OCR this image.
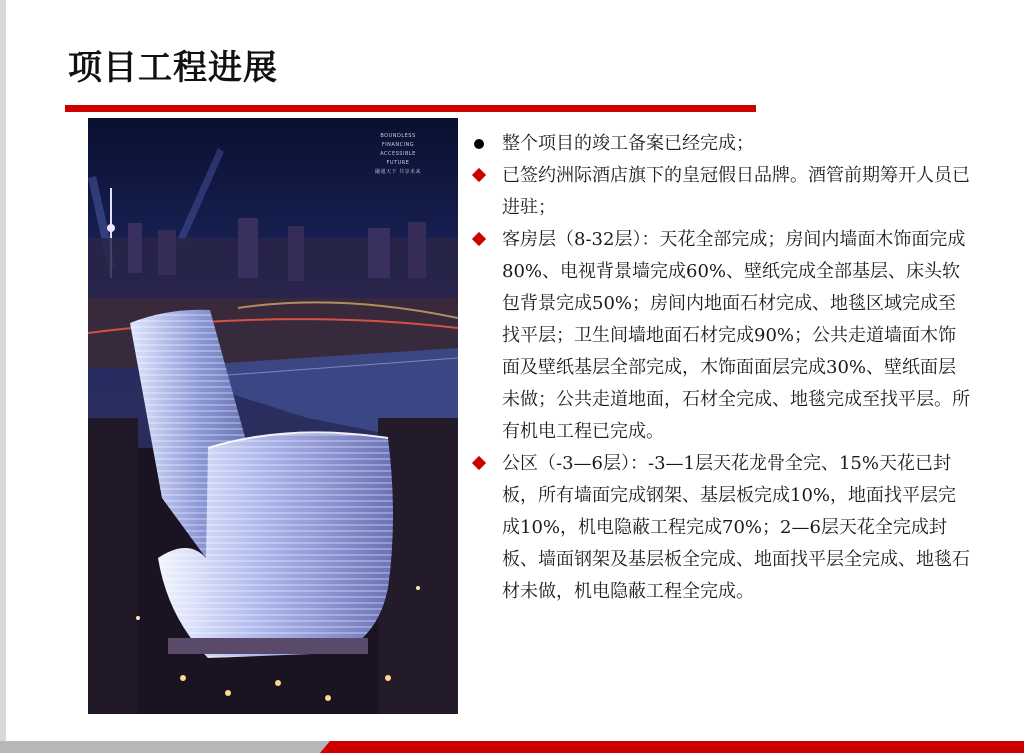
项目工程进展
BOUNDLESS
FINANCING
ACCESSIBLE
FUTURE
融通天下 共享未来
整个项目的竣工备案已经完成；
已签约洲际酒店旗下的皇冠假日品牌。酒管前期筹开人员已进驻；
客房层（8-32层）：天花全部完成；房间内墙面木饰面完成80%、电视背景墙完成60%、壁纸完成全部基层、床头软包背景完成50%；房间内地面石材完成、地毯区域完成至找平层；卫生间墙地面石材完成90%；公共走道墙面木饰面及壁纸基层全部完成，木饰面面层完成30%、壁纸面层未做；公共走道地面，石材全完成、地毯完成至找平层。所有机电工程已完成。
公区（-3—6层）：-3—1层天花龙骨全完、15%天花已封板，所有墙面完成钢架、基层板完成10%，地面找平层完成10%，机电隐蔽工程完成70%；2—6层天花全完成封板、墙面钢架及基层板全完成、地面找平层全完成、地毯石材未做，机电隐蔽工程全完成。
